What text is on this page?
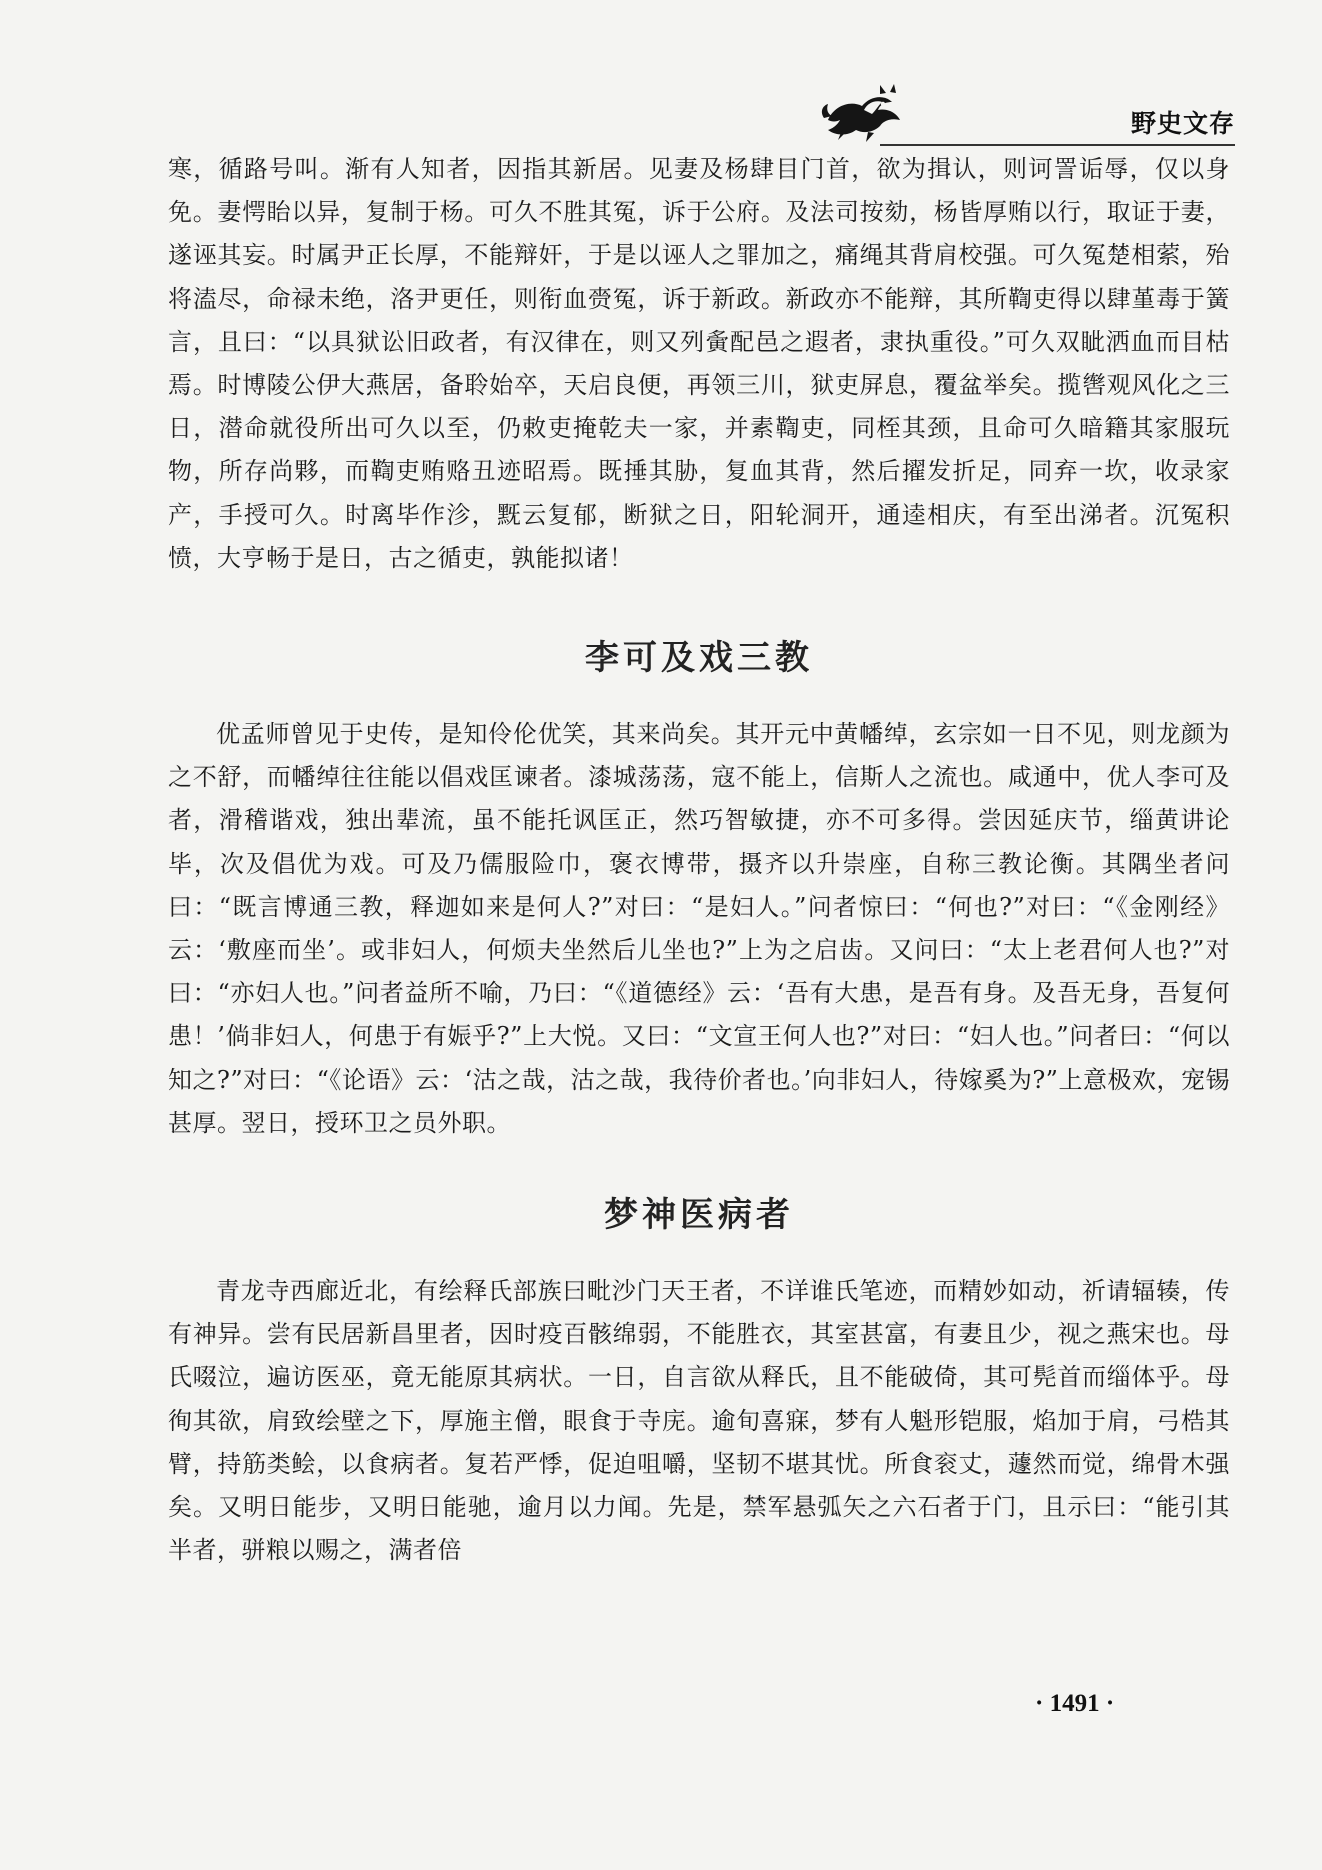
野史文存

寒，循路号叫。渐有人知者，因指其新居。见妻及杨肆目门首，欲为揖认，则诃詈诟辱，仅以身免。妻愕眙以异，复制于杨。可久不胜其冤，诉于公府。及法司按劾，杨皆厚贿以行，取证于妻，遂诬其妄。时属尹正长厚，不能辩奸，于是以诬人之罪加之，痛绳其背肩校强。可久冤楚相萦，殆将溘尽，命禄未绝，洛尹更任，则衔血赍冤，诉于新政。新政亦不能辩，其所鞫吏得以肆堇毒于簧言，且曰：“以具狱讼旧政者，有汉律在，则又列夤配邑之遐者，隶执重役。”可久双眦洒血而目枯焉。时博陵公伊大燕居，备聆始卒，天启良便，再领三川，狱吏屏息，覆盆举矣。揽辔观风化之三日，潜命就役所出可久以至，仍敕吏掩乾夫一家，并素鞫吏，同桎其颈，且命可久暗籍其家服玩物，所存尚夥，而鞫吏贿赂丑迹昭焉。既捶其胁，复血其背，然后擢发折足，同弃一坎，收录家产，手授可久。时离毕作沴，黖云复郁，断狱之日，阳轮洞开，通逵相庆，有至出涕者。沉冤积愤，大亨畅于是日，古之循吏，孰能拟诸！

李可及戏三教

优孟师曾见于史传，是知伶伦优笑，其来尚矣。其开元中黄幡绰，玄宗如一日不见，则龙颜为之不舒，而幡绰往往能以倡戏匡谏者。漆城荡荡，寇不能上，信斯人之流也。咸通中，优人李可及者，滑稽谐戏，独出辈流，虽不能托讽匡正，然巧智敏捷，亦不可多得。尝因延庆节，缁黄讲论毕，次及倡优为戏。可及乃儒服险巾，褒衣博带，摄齐以升崇座，自称三教论衡。其隅坐者问曰：“既言博通三教，释迦如来是何人?”对曰：“是妇人。”问者惊曰：“何也?”对曰：“《金刚经》云：‘敷座而坐’。或非妇人，何烦夫坐然后儿坐也?”上为之启齿。又问曰：“太上老君何人也?”对曰：“亦妇人也。”问者益所不喻，乃曰：“《道德经》云：‘吾有大患，是吾有身。及吾无身，吾复何患！’倘非妇人，何患于有娠乎?”上大悦。又曰：“文宣王何人也?”对曰：“妇人也。”问者曰：“何以知之?”对曰：“《论语》云：‘沽之哉，沽之哉，我待价者也。’向非妇人，待嫁奚为?”上意极欢，宠锡甚厚。翌日，授环卫之员外职。

梦神医病者

青龙寺西廊近北，有绘释氏部族曰毗沙门天王者，不详谁氏笔迹，而精妙如动，祈请辐辏，传有神异。尝有民居新昌里者，因时疫百骸绵弱，不能胜衣，其室甚富，有妻且少，视之燕宋也。母氏啜泣，遍访医巫，竟无能原其病状。一日，自言欲从释氏，且不能破倚，其可髡首而缁体乎。母徇其欲，肩致绘壁之下，厚施主僧，眼食于寺庑。逾旬喜寐，梦有人魁形铠服，焰加于肩，弓梏其臂，持筋类鲙，以食病者。复若严悸，促迫咀嚼，坚韧不堪其忧。所食衮丈，蘧然而觉，绵骨木强矣。又明日能步，又明日能驰，逾月以力闻。先是，禁军悬弧矢之六石者于门，且示曰：“能引其半者，骈粮以赐之，满者倍

· 1491 ·
